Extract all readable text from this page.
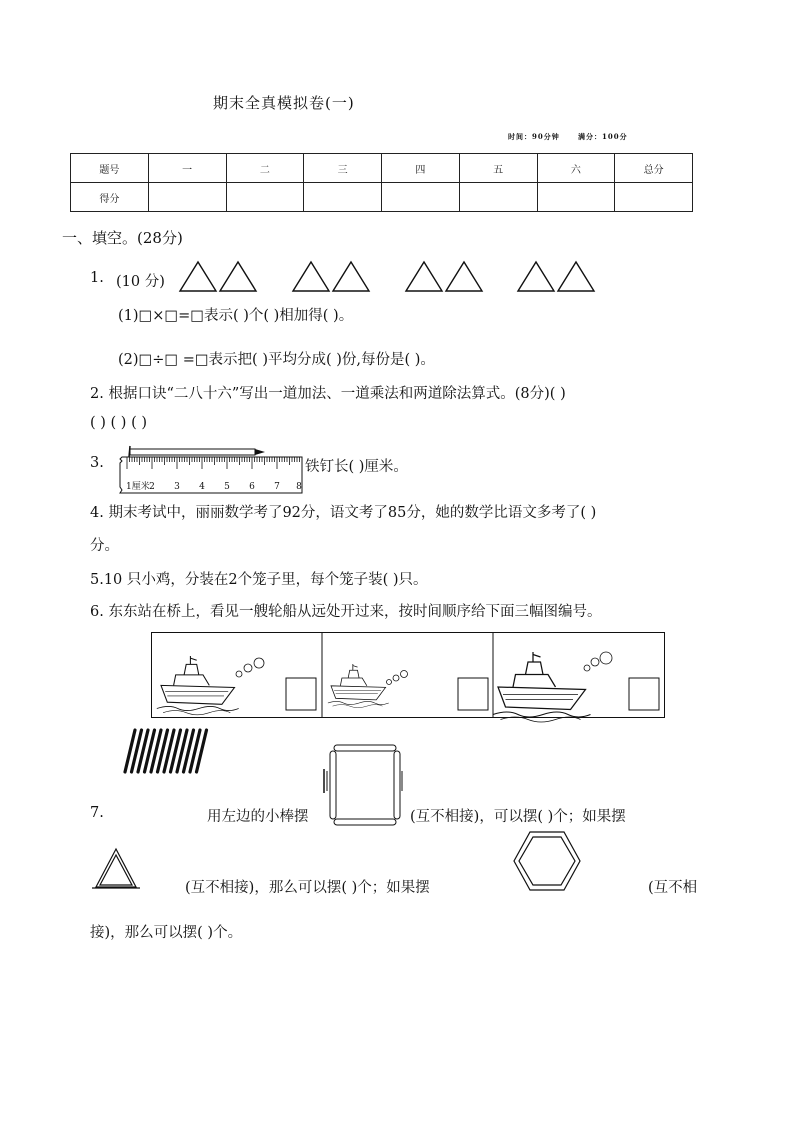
期末全真模拟卷(一)
时间：90分钟	满分：100分
题号	一	二	三	四	五	六	总分
得分							
一、填空。(28分)
1. (10 分)
(1)□×□=□表示( )个( )相加得( )。
(2)□÷□ =□表示把( )平均分成( )份,每份是( )。
2. 根据口诀“二八十六”写出一道加法、一道乘法和两道除法算式。(8分)( )
( ) ( ) ( )
3.
1厘米 2 3 4 5 6 7 8
铁钉长( )厘米。
4. 期末考试中，丽丽数学考了92分，语文考了85分，她的数学比语文多考了( )
分。
5.10 只小鸡，分装在2个笼子里，每个笼子装( )只。
6. 东东站在桥上，看见一艘轮船从远处开过来，按时间顺序给下面三幅图编号。
7.	用左边的小棒摆	(互不相接)，可以摆( )个；如果摆
(互不相接)，那么可以摆( )个；如果摆	(互不相
接)，那么可以摆( )个。
